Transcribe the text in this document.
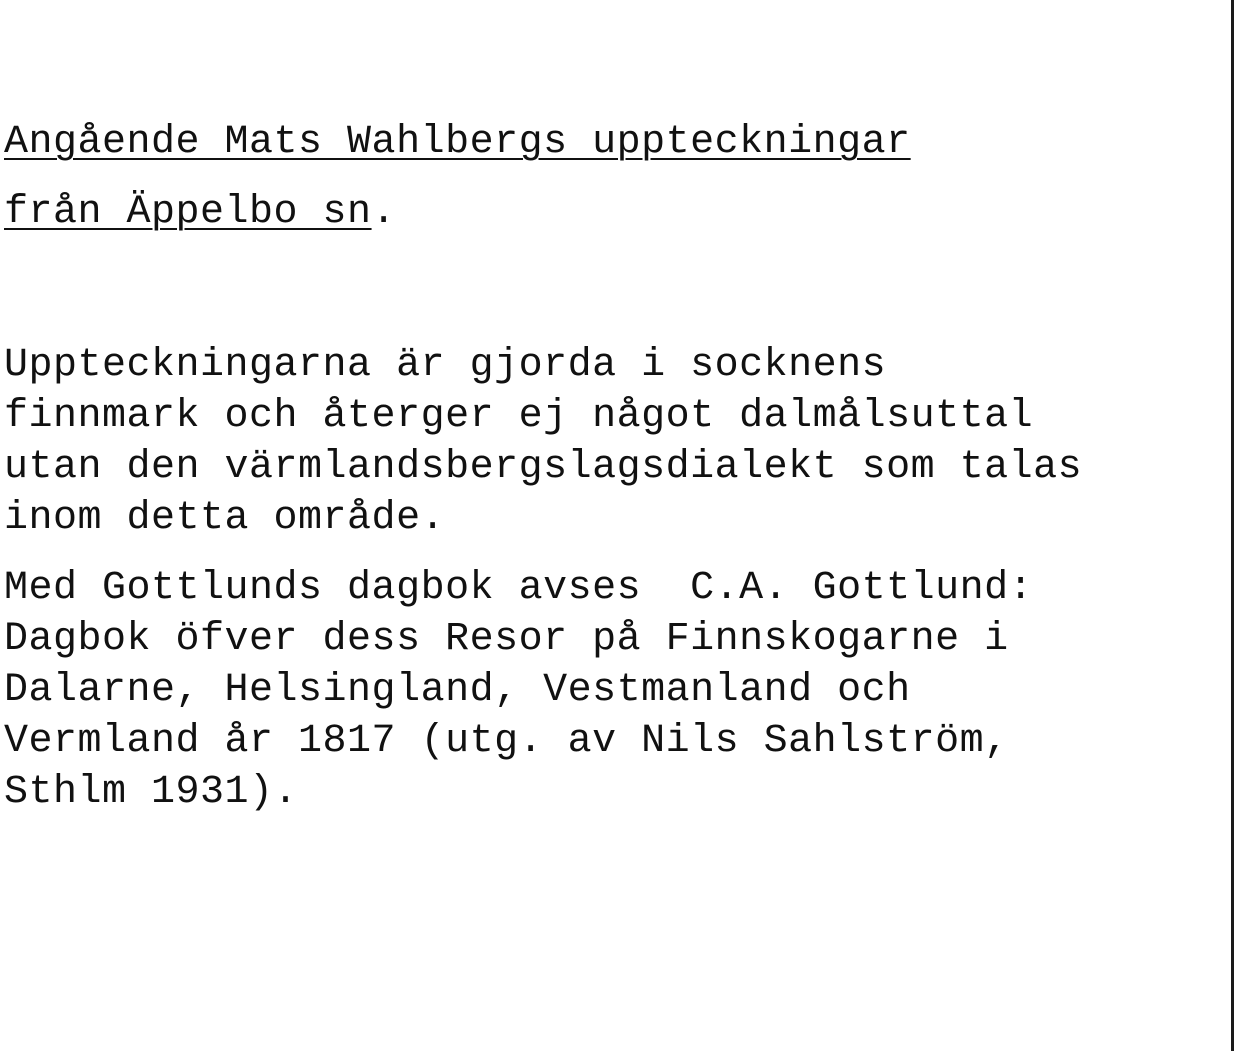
Angående Mats Wahlbergs uppteckningar
från Äppelbo sn.

Uppteckningarna är gjorda i socknens
finnmark och återger ej något dalmålsuttal
utan den värmlandsbergslagsdialekt som talas
inom detta område.

Med Gottlunds dagbok avses  C.A. Gottlund:
Dagbok öfver dess Resor på Finnskogarne i
Dalarne, Helsingland, Vestmanland och
Vermland år 1817 (utg. av Nils Sahlström,
Sthlm 1931).
